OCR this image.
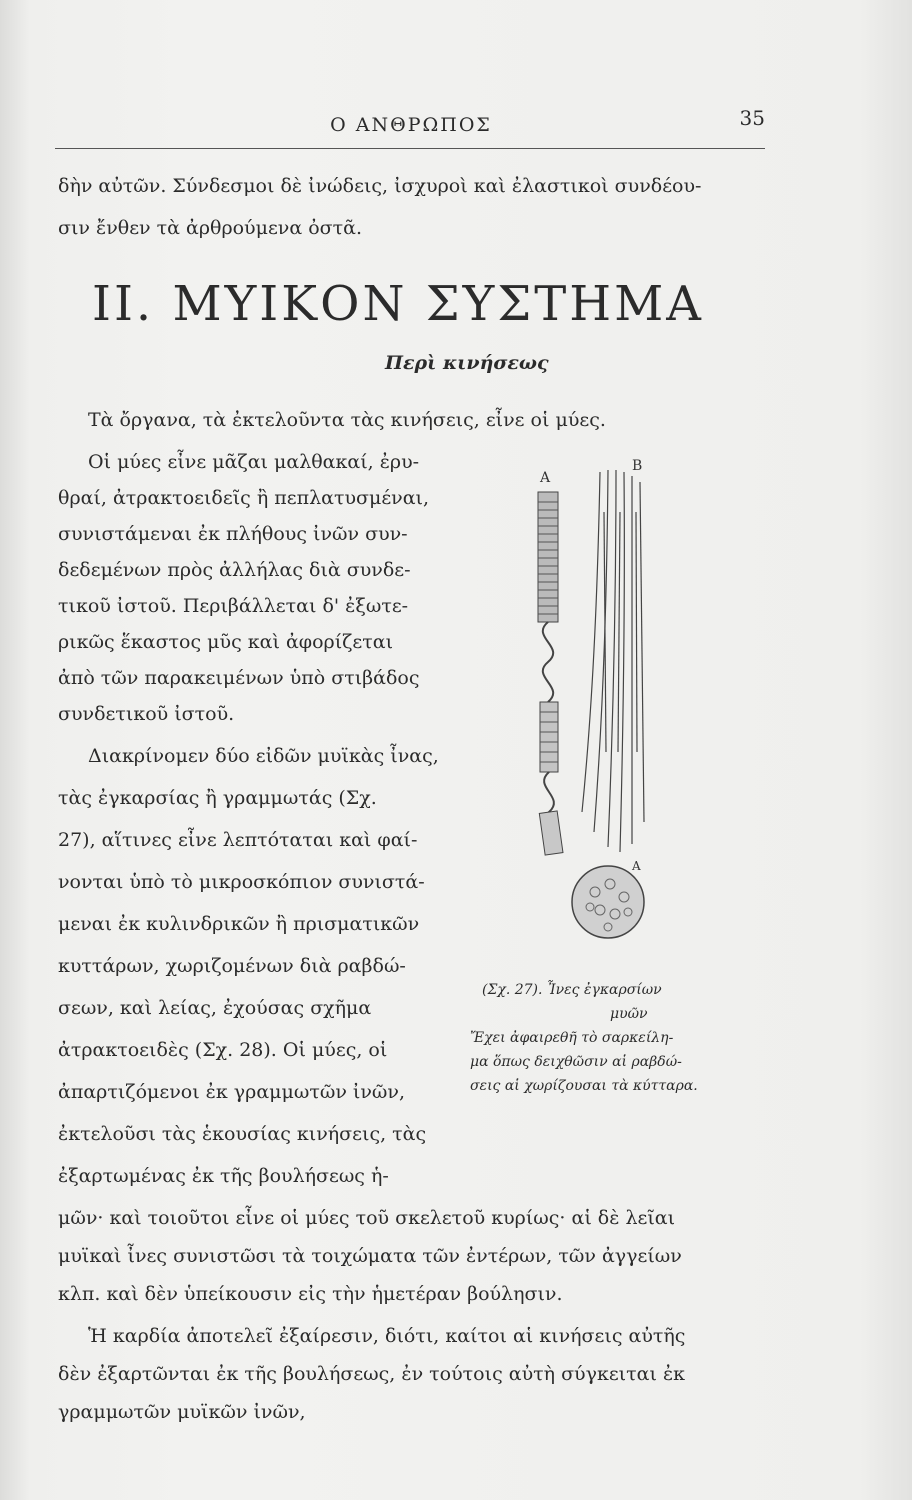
Ο ΑΝΘΡΩΠΟΣ	35
δὴν αὐτῶν. Σύνδεσμοι δὲ ἰνώδεις, ἰσχυροὶ καὶ ἐλαστικοὶ συνδέου-
σιν ἔνθεν τὰ ἀρθρούμενα ὀστᾶ.
II. ΜΥΙΚΟΝ ΣΥΣΤΗΜΑ
Περὶ κινήσεως
Τὰ ὄργανα, τὰ ἐκτελοῦντα τὰς κινήσεις, εἶνε οἱ μύες.
Οἱ μύες εἶνε μᾶζαι μαλθακαί, ἐρυ-
θραί, ἀτρακτοειδεῖς ἢ πεπλατυσμέναι,
συνιστάμεναι ἐκ πλήθους ἰνῶν συν-
δεδεμένων πρὸς ἀλλήλας διὰ συνδε-
τικοῦ ἰστοῦ. Περιβάλλεται δ' ἐξωτε-
ρικῶς ἕκαστος μῦς καὶ ἀφορίζεται
ἀπὸ τῶν παρακειμένων ὑπὸ στιβάδος
συνδετικοῦ ἰστοῦ.
Διακρίνομεν δύο εἰδῶν μυϊκὰς ἶνας,
τὰς ἐγκαρσίας ἢ γραμμωτάς (Σχ.
27), αἵτινες εἶνε λεπτόταται καὶ φαί-
νονται ὑπὸ τὸ μικροσκόπιον συνιστά-
μεναι ἐκ κυλινδρικῶν ἢ πρισματικῶν
κυττάρων, χωριζομένων διὰ ραβδώ-
σεων, καὶ λείας, ἐχούσας σχῆμα
ἀτρακτοειδὲς (Σχ. 28). Οἱ μύες, οἱ
ἀπαρτιζόμενοι ἐκ γραμμωτῶν ἰνῶν,
ἐκτελοῦσι τὰς ἑκουσίας κινήσεις, τὰς
ἐξαρτωμένας ἐκ τῆς βουλήσεως ἡ-
μῶν· καὶ τοιοῦτοι εἶνε οἱ μύες τοῦ σκελετοῦ κυρίως· αἱ δὲ λεῖαι
μυϊκαὶ ἶνες συνιστῶσι τὰ τοιχώματα τῶν ἐντέρων, τῶν ἀγγείων
κλπ. καὶ δὲν ὑπείκουσιν εἰς τὴν ἡμετέραν βούλησιν.
Ἡ καρδία ἀποτελεῖ ἐξαίρεσιν, διότι, καίτοι αἱ κινήσεις αὐτῆς
δὲν ἐξαρτῶνται ἐκ τῆς βουλήσεως, ἐν τούτοις αὐτὴ σύγκειται ἐκ
γραμμωτῶν μυϊκῶν ἰνῶν,
A
B
A
(Σχ. 27). Ἶνες ἐγκαρσίων
μυῶν
Ἔχει ἀφαιρεθῆ τὸ σαρκείλη-
μα ὅπως δειχθῶσιν αἱ ραβδώ-
σεις αἱ χωρίζουσαι τὰ κύτταρα.
